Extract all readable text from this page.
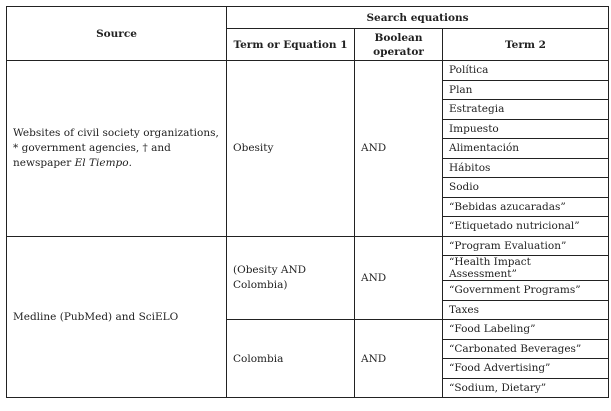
Source	Search equations		
	Term or Equation 1	Boolean operator	Term 2
Websites of civil society organizations, * government agencies, † and newspaper El Tiempo.	Obesity	AND	Política
			Plan
			Estrategia
			Impuesto
			Alimentación
			Hábitos
			Sodio
			“Bebidas azucaradas”
			“Etiquetado nutricional”
Medline (PubMed) and SciELO	(Obesity AND Colombia)	AND	“Program Evaluation”
			“Health Impact Assessment”
			“Government Programs”
			Taxes
	Colombia	AND	“Food Labeling”
			“Carbonated Beverages”
			“Food Advertising”
			“Sodium, Dietary”
